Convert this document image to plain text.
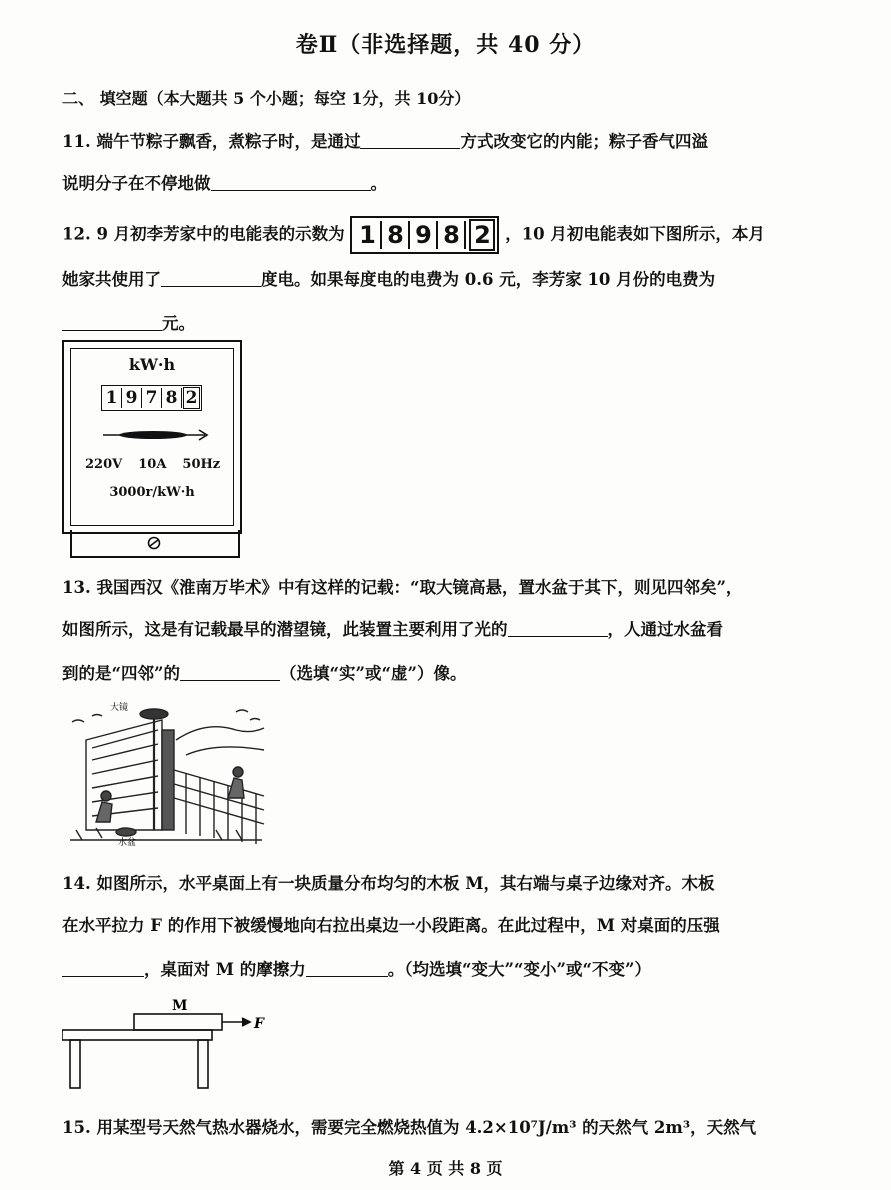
卷Ⅱ（非选择题，共 40 分）
二、 填空题（本大题共 5 个小题；每空 1分，共 10分）
11. 端午节粽子飘香，煮粽子时，是通过	方式改变它的内能；粽子香气四溢
说明分子在不停地做	。
12. 9 月初李芳家中的电能表的示数为 1 8 9 8 2 ，10 月初电能表如下图所示，本月
她家共使用了	度电。如果每度电的电费为 0.6 元，李芳家 10 月份的电费为
元。
kW·h
1 9 7 8 2
220V 10A 50Hz
3000r/kW·h
13. 我国西汉《淮南万毕术》中有这样的记载：“取大镜高悬，置水盆于其下，则见四邻矣”，
如图所示，这是有记载最早的潜望镜，此装置主要利用了光的	，人通过水盆看
到的是“四邻”的	（选填“实”或“虚”）像。
大镜
水盆
14. 如图所示，水平桌面上有一块质量分布均匀的木板 M，其右端与桌子边缘对齐。木板
在水平拉力 F 的作用下被缓慢地向右拉出桌边一小段距离。在此过程中，M 对桌面的压强
，桌面对 M 的摩擦力	。（均选填“变大”“变小”或“不变”）
M
F
15. 用某型号天然气热水器烧水，需要完全燃烧热值为 4.2×10⁷J/m³ 的天然气 2m³，天然气
第 4 页 共 8 页
